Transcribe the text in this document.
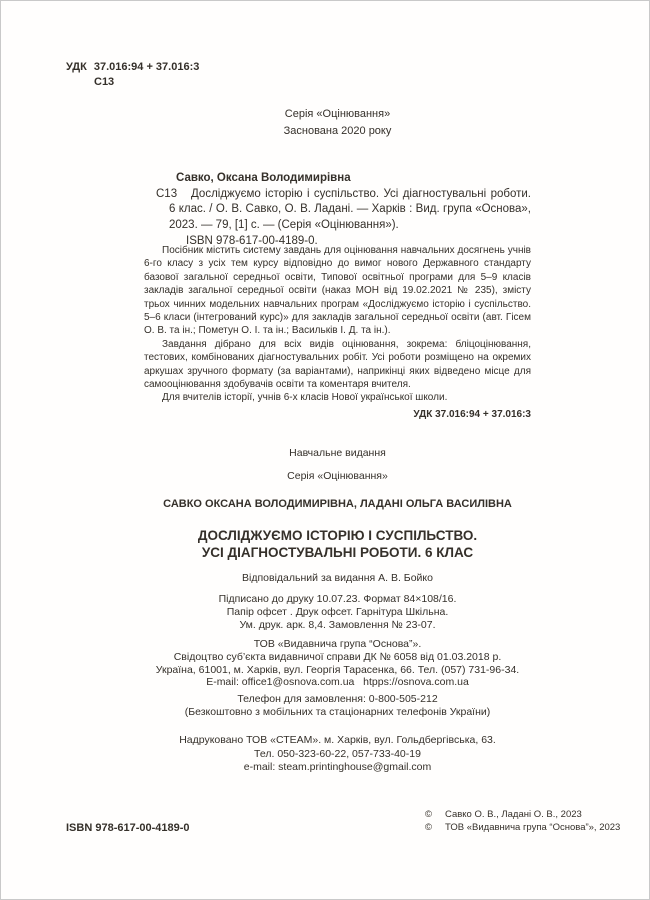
УДК 37.016:94 + 37.016:3
С13
Серія «Оцінювання»
Заснована 2020 року
С13
Савко, Оксана Володимирівна

Досліджуємо історію і суспільство. Усі діагностувальні роботи. 6 клас. / О. В. Савко, О. В. Ладані. — Харків : Вид. група «Основа», 2023. — 79, [1] с. — (Серія «Оцінювання»).

ISBN 978-617-00-4189-0.

Посібник містить систему завдань для оцінювання навчальних досягнень учнів 6-го класу з усіх тем курсу відповідно до вимог нового Державного стандарту базової загальної середньої освіти, Типової освітньої програми для 5–9 класів закладів загальної середньої освіти (наказ МОН від 19.02.2021 № 235), змісту трьох чинних модельних навчальних програм «Досліджуємо історію і суспільство. 5–6 класи (інтегрований курс)» для закладів загальної середньої освіти (авт. Гісем О. В. та ін.; Пометун О. І. та ін.; Васильків І. Д. та ін.).

Завдання дібрано для всіх видів оцінювання, зокрема: бліцоцінювання, тестових, комбінованих діагностувальних робіт. Усі роботи розміщено на окремих аркушах зручного формату (за варіантами), наприкінці яких відведено місце для самооцінювання здобувачів освіти та коментаря вчителя.

Для вчителів історії, учнів 6-х класів Нової української школи.

УДК 37.016:94 + 37.016:3
Навчальне видання
Серія «Оцінювання»
САВКО ОКСАНА ВОЛОДИМИРІВНА, ЛАДАНІ ОЛЬГА ВАСИЛІВНА
ДОСЛІДЖУЄМО ІСТОРІЮ І СУСПІЛЬСТВО.
УСІ ДІАГНОСТУВАЛЬНІ РОБОТИ. 6 КЛАС
Відповідальний за видання А. В. Бойко
Підписано до друку 10.07.23. Формат 84×108/16.
Папір офсет . Друк офсет. Гарнітура Шкільна.
Ум. друк. арк. 8,4. Замовлення № 23-07.
ТОВ «Видавнича група “Основа”».
Свідоцтво суб’єкта видавничої справи ДК № 6058 від 01.03.2018 р.
Україна, 61001, м. Харків, вул. Георгія Тарасенка, 66. Тел. (057) 731-96-34.
E-mail: office1@osnova.com.ua   htpps://osnova.com.ua
Телефон для замовлення: 0-800-505-212
(Безкоштовно з мобільних та стаціонарних телефонів України)
Надруковано ТОВ «СТЕАМ». м. Харків, вул. Гольдбергівська, 63.
Тел. 050-323-60-22, 057-733-40-19
e-mail: steam.printinghouse@gmail.com
ISBN 978-617-00-4189-0
©	Савко О. В., Ладані О. В., 2023
©	ТОВ «Видавнича група “Основа”», 2023
